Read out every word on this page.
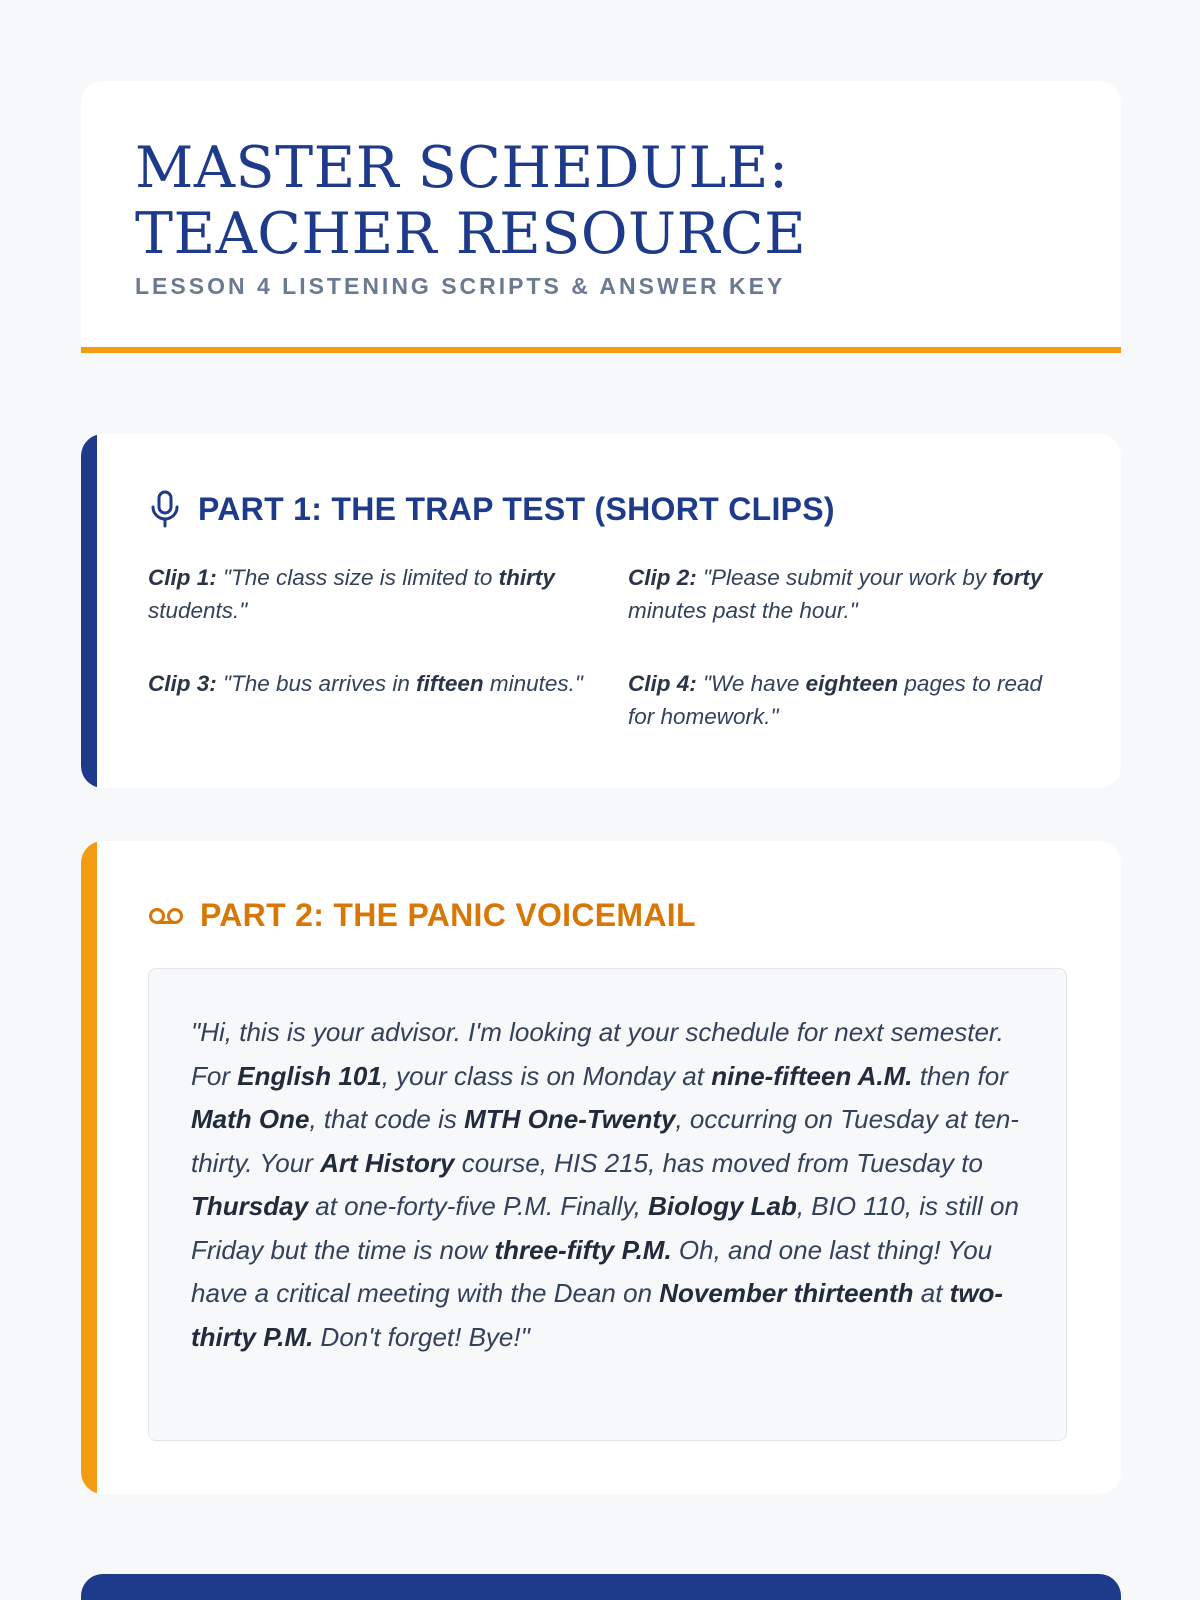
MASTER SCHEDULE: TEACHER RESOURCE
LESSON 4 LISTENING SCRIPTS & ANSWER KEY
PART 1: THE TRAP TEST (SHORT CLIPS)

Clip 1: "The class size is limited to thirty students."

Clip 2: "Please submit your work by forty minutes past the hour."

Clip 3: "The bus arrives in fifteen minutes."	Clip 4: "We have eighteen pages to read for homework."

PART 2: THE PANIC VOICEMAIL
"Hi, this is your advisor. I'm looking at your schedule for next semester. For English 101, your class is on Monday at nine-fifteen A.M. then for Math One, that code is MTH One-Twenty, occurring on Tuesday at ten-thirty. Your Art History course, HIS 215, has moved from Tuesday to Thursday at one-forty-five P.M. Finally, Biology Lab, BIO 110, is still on Friday but the time is now three-fifty P.M. Oh, and one last thing! You have a critical meeting with the Dean on November thirteenth at two-thirty P.M. Don't forget! Bye!"
